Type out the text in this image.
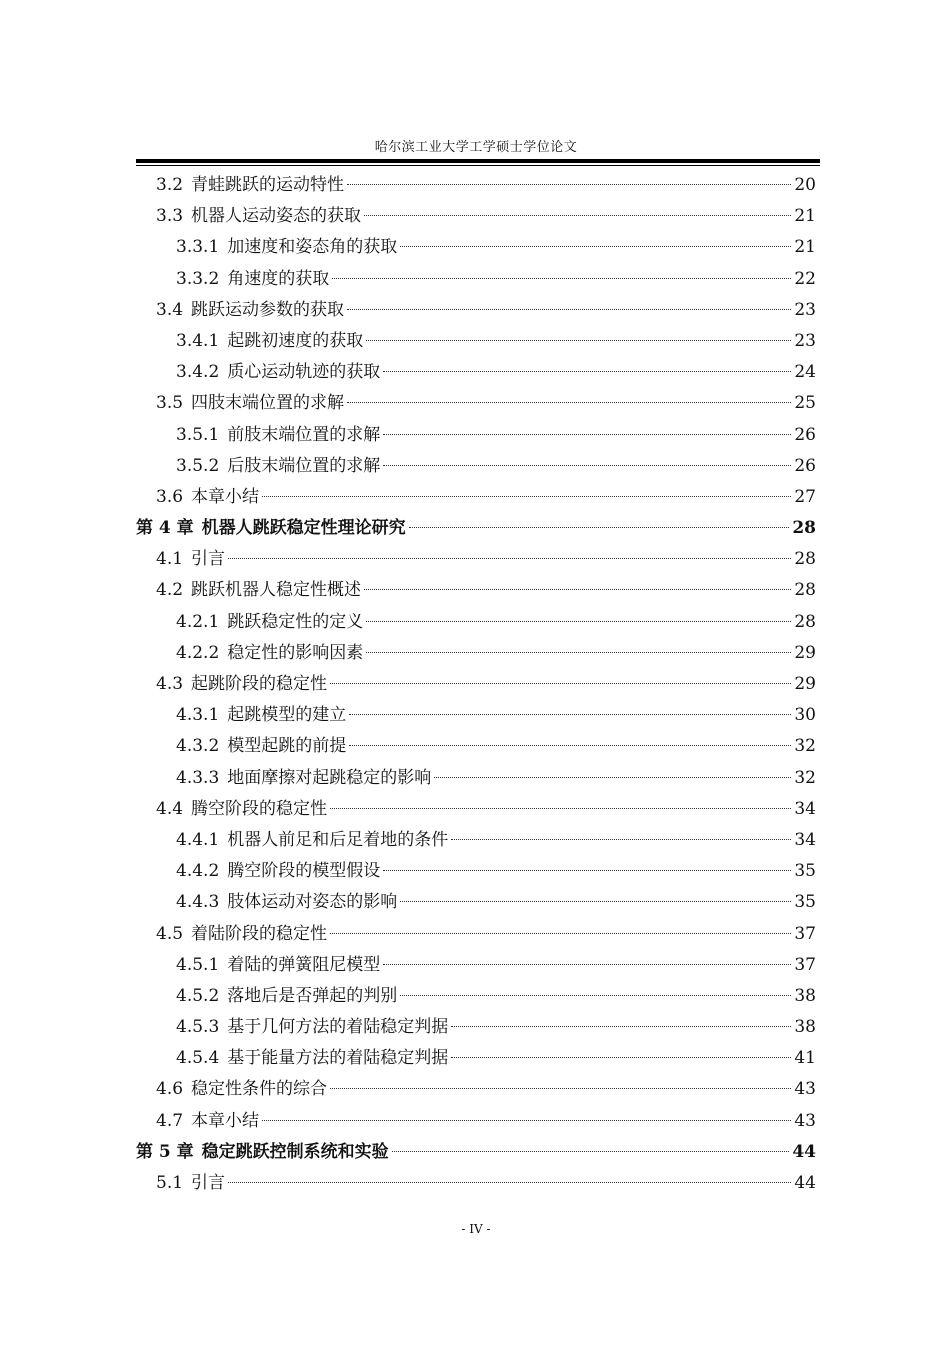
哈尔滨工业大学工学硕士学位论文
3.2 青蛙跳跃的运动特性	20
3.3 机器人运动姿态的获取	21
3.3.1 加速度和姿态角的获取	21
3.3.2 角速度的获取	22
3.4 跳跃运动参数的获取	23
3.4.1 起跳初速度的获取	23
3.4.2 质心运动轨迹的获取	24
3.5 四肢末端位置的求解	25
3.5.1 前肢末端位置的求解	26
3.5.2 后肢末端位置的求解	26
3.6 本章小结	27
第 4 章 机器人跳跃稳定性理论研究	28
4.1 引言	28
4.2 跳跃机器人稳定性概述	28
4.2.1 跳跃稳定性的定义	28
4.2.2 稳定性的影响因素	29
4.3 起跳阶段的稳定性	29
4.3.1 起跳模型的建立	30
4.3.2 模型起跳的前提	32
4.3.3 地面摩擦对起跳稳定的影响	32
4.4 腾空阶段的稳定性	34
4.4.1 机器人前足和后足着地的条件	34
4.4.2 腾空阶段的模型假设	35
4.4.3 肢体运动对姿态的影响	35
4.5 着陆阶段的稳定性	37
4.5.1 着陆的弹簧阻尼模型	37
4.5.2 落地后是否弹起的判别	38
4.5.3 基于几何方法的着陆稳定判据	38
4.5.4 基于能量方法的着陆稳定判据	41
4.6 稳定性条件的综合	43
4.7 本章小结	43
第 5 章 稳定跳跃控制系统和实验	44
5.1 引言	44
- IV -
